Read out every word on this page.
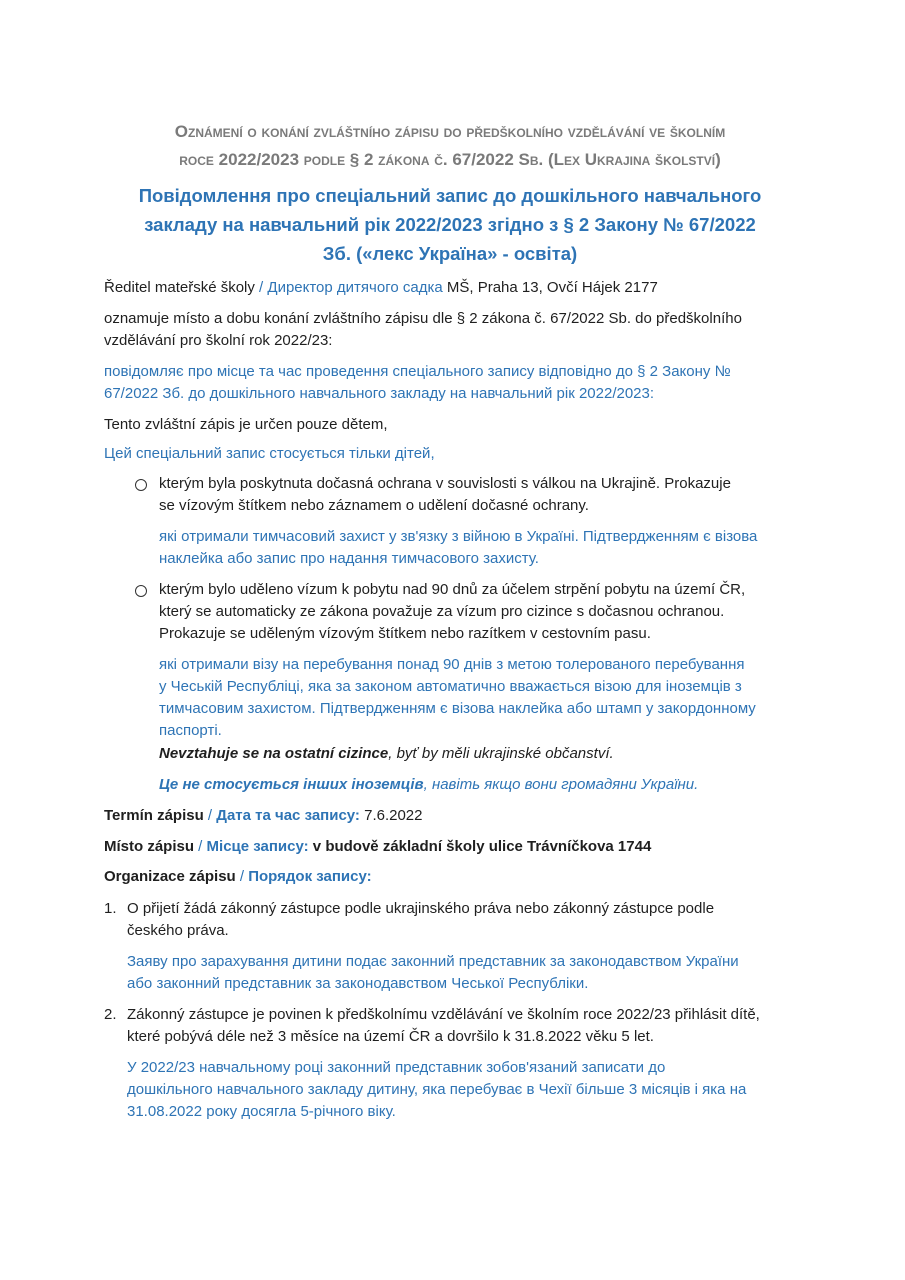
Oznámení o konání zvláštního zápisu do předškolního vzdělávání ve školním
roce 2022/2023 podle § 2 zákona č. 67/2022 Sb. (Lex Ukrajina školství)
Повідомлення про спеціальний запис до дошкільного навчального
закладу на навчальний рік 2022/2023 згідно з § 2 Закону № 67/2022
Зб. («лекс Україна» - освіта)
Ředitel mateřské školy / Директор дитячого садка MŠ, Praha 13, Ovčí Hájek 2177
oznamuje místo a dobu konání zvláštního zápisu dle § 2 zákona č. 67/2022 Sb. do předškolního
vzdělávání pro školní rok 2022/23:
повідомляє про місце та час проведення спеціального запису відповідно до § 2 Закону №
67/2022 Зб. до дошкільного навчального закладу на навчальний рік 2022/2023:
Tento zvláštní zápis je určen pouze dětem,
Цей спеціальний запис стосується тільки дітей,
kterým byla poskytnuta dočasná ochrana v souvislosti s válkou na Ukrajině. Prokazuje
se vízovým štítkem nebo záznamem o udělení dočasné ochrany.
які отримали тимчасовий захист у зв'язку з війною в Україні. Підтвердженням є візова
наклейка або запис про надання тимчасового захисту.
kterým bylo uděleno vízum k pobytu nad 90 dnů za účelem strpění pobytu na území ČR,
který se automaticky ze zákona považuje za vízum pro cizince s dočasnou ochranou.
Prokazuje se uděleným vízovým štítkem nebo razítkem v cestovním pasu.
які отримали візу на перебування понад 90 днів з метою толерованого перебування
у Чеській Республіці, яка за законом автоматично вважається візою для іноземців з
тимчасовим захистом. Підтвердженням є візова наклейка або штамп у закордонному
паспорті.
Nevztahuje se na ostatní cizince, byť by měli ukrajinské občanství.
Це не стосується інших іноземців, навіть якщо вони громадяни України.
Termín zápisu / Дата та час запису: 7.6.2022
Místo zápisu / Місце запису: v budově základní školy ulice Trávníčkova 1744
Organizace zápisu / Порядок запису:
1. O přijetí žádá zákonný zástupce podle ukrajinského práva nebo zákonný zástupce podle
českého práva.
Заяву про зарахування дитини подає законний представник за законодавством України
або законний представник за законодавством Чеської Республіки.
2. Zákonný zástupce je povinen k předškolnímu vzdělávání ve školním roce 2022/23 přihlásit dítě,
které pobývá déle než 3 měsíce na území ČR a dovršilo k 31.8.2022 věku 5 let.
У 2022/23 навчальному році законний представник зобов'язаний записати до
дошкільного навчального закладу дитину, яка перебуває в Чехії більше 3 місяців і яка на
31.08.2022 року досягла 5-річного віку.
